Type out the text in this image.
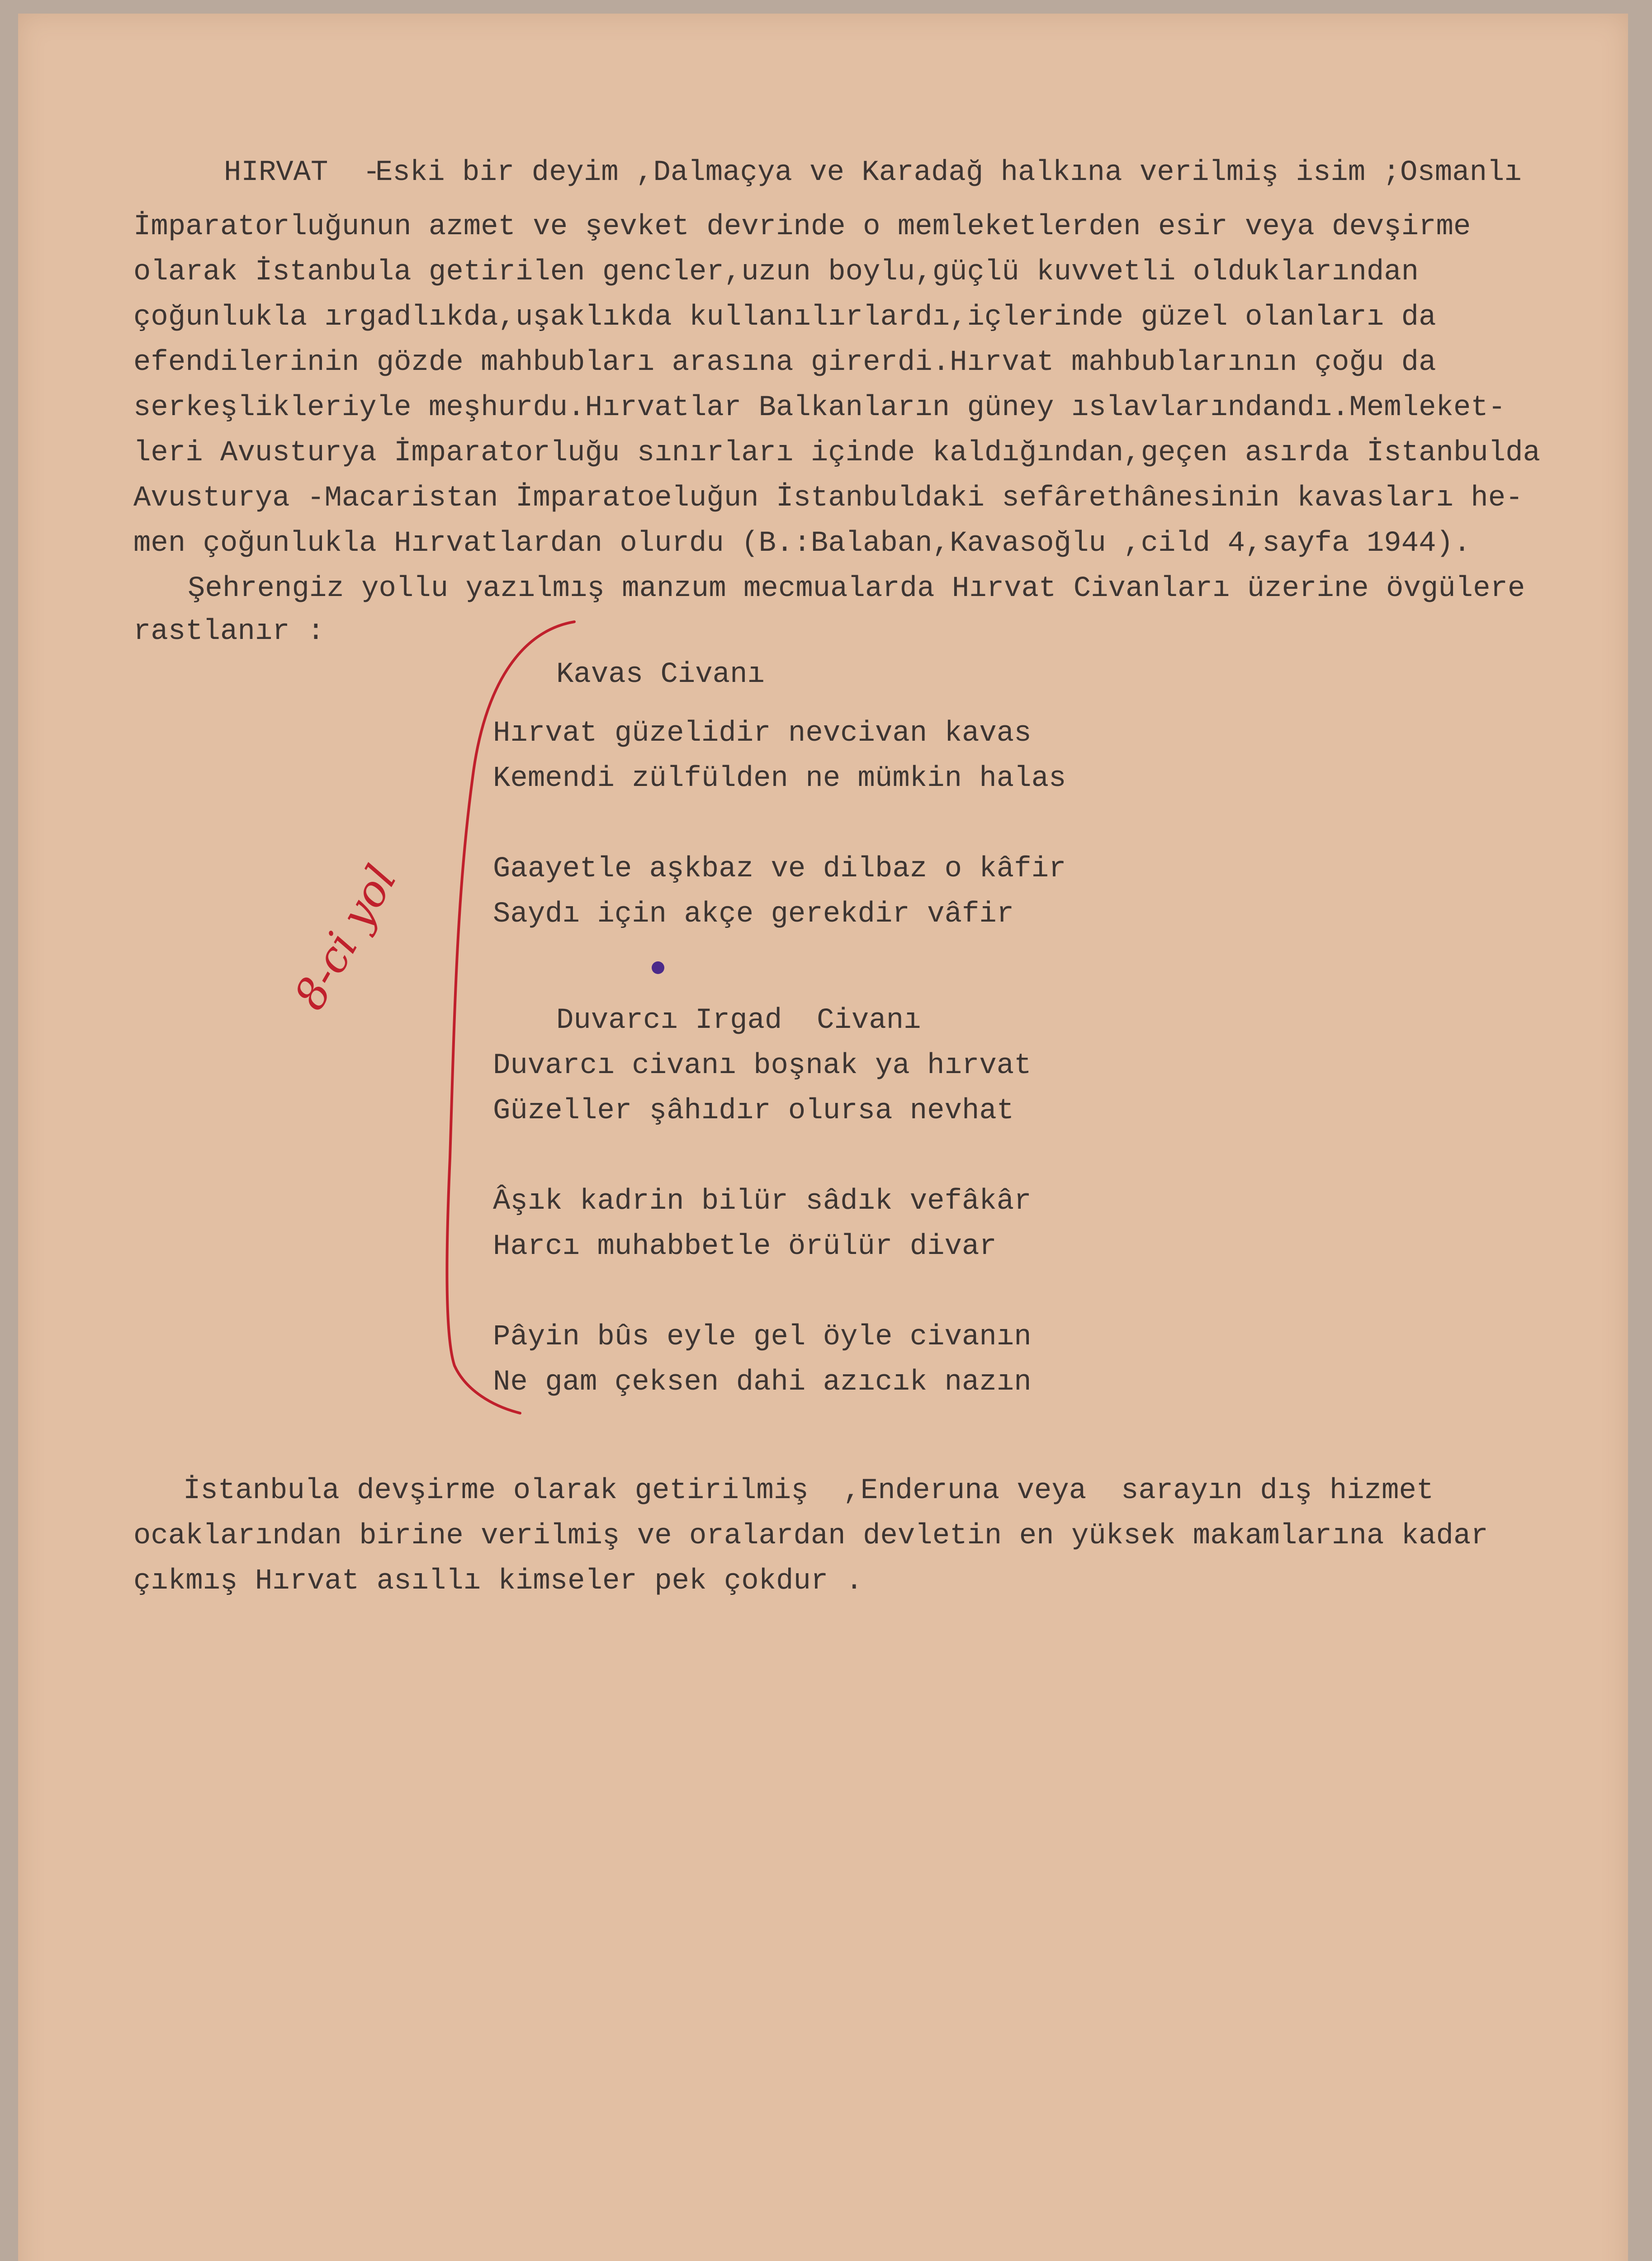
HIRVAT  -

Eski bir deyim ,Dalmaçya ve Karadağ halkına verilmiş isim ;Osmanlı

İmparatorluğunun azmet ve şevket devrinde o memleketlerden esir veya devşirme

olarak İstanbula getirilen gencler,uzun boylu,güçlü kuvvetli olduklarından

çoğunlukla ırgadlıkda,uşaklıkda kullanılırlardı,içlerinde güzel olanları da

efendilerinin gözde mahbubları arasına girerdi.Hırvat mahbublarının çoğu da

serkeşlikleriyle meşhurdu.Hırvatlar Balkanların güney ıslavlarındandı.Memleket-

leri Avusturya İmparatorluğu sınırları içinde kaldığından,geçen asırda İstanbulda

Avusturya -Macaristan İmparatoeluğun İstanbuldaki sefârethânesinin kavasları he-

men çoğunlukla Hırvatlardan olurdu (B.:Balaban,Kavasoğlu ,cild 4,sayfa 1944).

Şehrengiz yollu yazılmış manzum mecmualarda Hırvat Civanları üzerine övgülere

rastlanır :

Kavas Civanı

Hırvat güzelidir nevcivan kavas

Kemendi zülfülden ne mümkin halas

Gaayetle aşkbaz ve dilbaz o kâfir

Saydı için akçe gerekdir vâfir

Duvarcı Irgad  Civanı

Duvarcı civanı boşnak ya hırvat

Güzeller şâhıdır olursa nevhat

Âşık kadrin bilür sâdık vefâkâr

Harcı muhabbetle örülür divar

Pâyin bûs eyle gel öyle civanın

Ne gam çeksen dahi azıcık nazın

İstanbula devşirme olarak getirilmiş  ,Enderuna veya  sarayın dış hizmet

ocaklarından birine verilmiş ve oralardan devletin en yüksek makamlarına kadar

çıkmış Hırvat asıllı kimseler pek çokdur .

8-ci yol
